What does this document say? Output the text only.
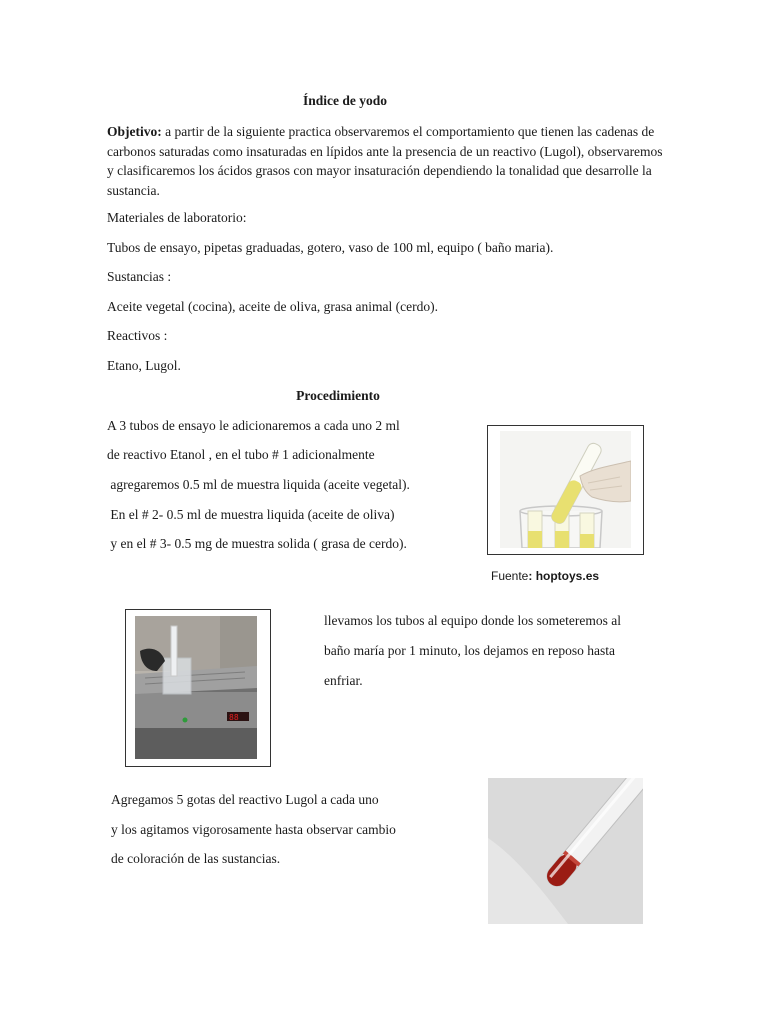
Índice de yodo
Objetivo: a partir de la siguiente practica observaremos el comportamiento que tienen las cadenas de carbonos saturadas como insaturadas en lípidos ante la presencia de un reactivo (Lugol), observaremos y clasificaremos los ácidos grasos con mayor insaturación dependiendo la tonalidad que desarrolle la sustancia.
Materiales de laboratorio:
Tubos de ensayo, pipetas graduadas, gotero, vaso de 100 ml, equipo ( baño maria).
Sustancias :
Aceite vegetal (cocina), aceite de oliva, grasa animal (cerdo).
Reactivos :
Etano, Lugol.
Procedimiento
A 3 tubos de ensayo le adicionaremos a cada uno 2 ml
de reactivo Etanol , en el tubo # 1 adicionalmente
agregaremos 0.5 ml de muestra liquida (aceite vegetal).
En el # 2- 0.5 ml de muestra liquida (aceite de oliva)
y en el # 3- 0.5 mg de muestra solida ( grasa de cerdo).
Fuente: hoptoys.es
88
llevamos los tubos al equipo donde los someteremos al
baño maría por 1 minuto, los dejamos en reposo hasta
enfriar.
Agregamos 5 gotas del reactivo Lugol a cada uno
y los agitamos vigorosamente hasta observar cambio
de coloración de las sustancias.
